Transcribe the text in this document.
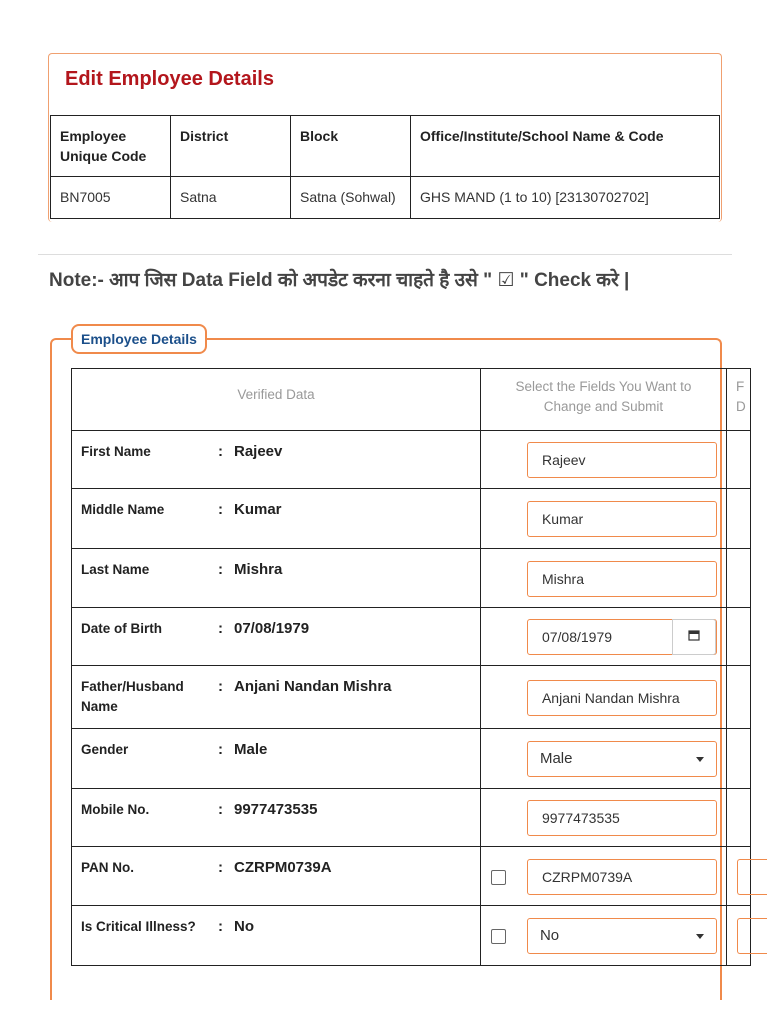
Edit Employee Details
Employee Unique Code	District	Block	Office/Institute/School Name & Code
BN7005	Satna	Satna (Sohwal)	GHS MAND (1 to 10) [23130702702]
Note:- आप जिस Data Field को अपडेट करना चाहते है उसे " ☑ " Check करे |
Employee Details
Verified Data		Select the Fields You Want to Change and Submit	F D

First Name	: Rajeev	Rajeev	

Middle Name	: Kumar	Kumar	

Last Name	: Mishra	Mishra	

Date of Birth	: 07/08/1979	07/08/1979	

Father/Husband Name	: Anjani Nandan Mishra	Anjani Nandan Mishra	

Gender	: Male	Male	

Mobile No.	: 9977473535	9977473535	

PAN No.	: CZRPM0739A	CZRPM0739A	

Is Critical Illness?	: No	No	
